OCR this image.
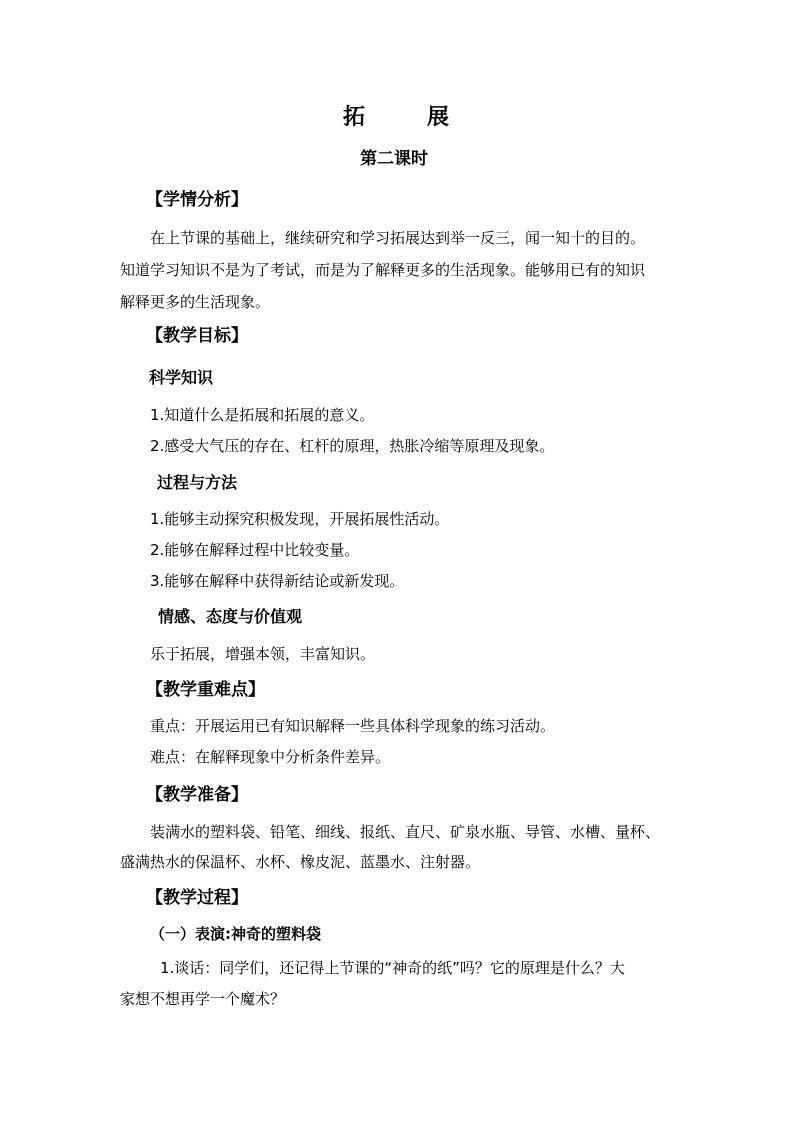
拓	展
第二课时
【学情分析】
在上节课的基础上，继续研究和学习拓展达到举一反三，闻一知十的目的。
知道学习知识不是为了考试，而是为了解释更多的生活现象。能够用已有的知识
解释更多的生活现象。
【教学目标】
科学知识
1.知道什么是拓展和拓展的意义。
2.感受大气压的存在、杠杆的原理，热胀冷缩等原理及现象。
过程与方法
1.能够主动探究积极发现，开展拓展性活动。
2.能够在解释过程中比较变量。
3.能够在解释中获得新结论或新发现。
情感、态度与价值观
乐于拓展，增强本领，丰富知识。
【教学重难点】
重点：开展运用已有知识解释一些具体科学现象的练习活动。
难点：在解释现象中分析条件差异。
【教学准备】
装满水的塑料袋、铅笔、细线、报纸、直尺、矿泉水瓶、导管、水槽、量杯、
盛满热水的保温杯、水杯、橡皮泥、蓝墨水、注射器。
【教学过程】
（一）表演:神奇的塑料袋
1.谈话：同学们，还记得上节课的“神奇的纸”吗？它的原理是什么？大
家想不想再学一个魔术？
